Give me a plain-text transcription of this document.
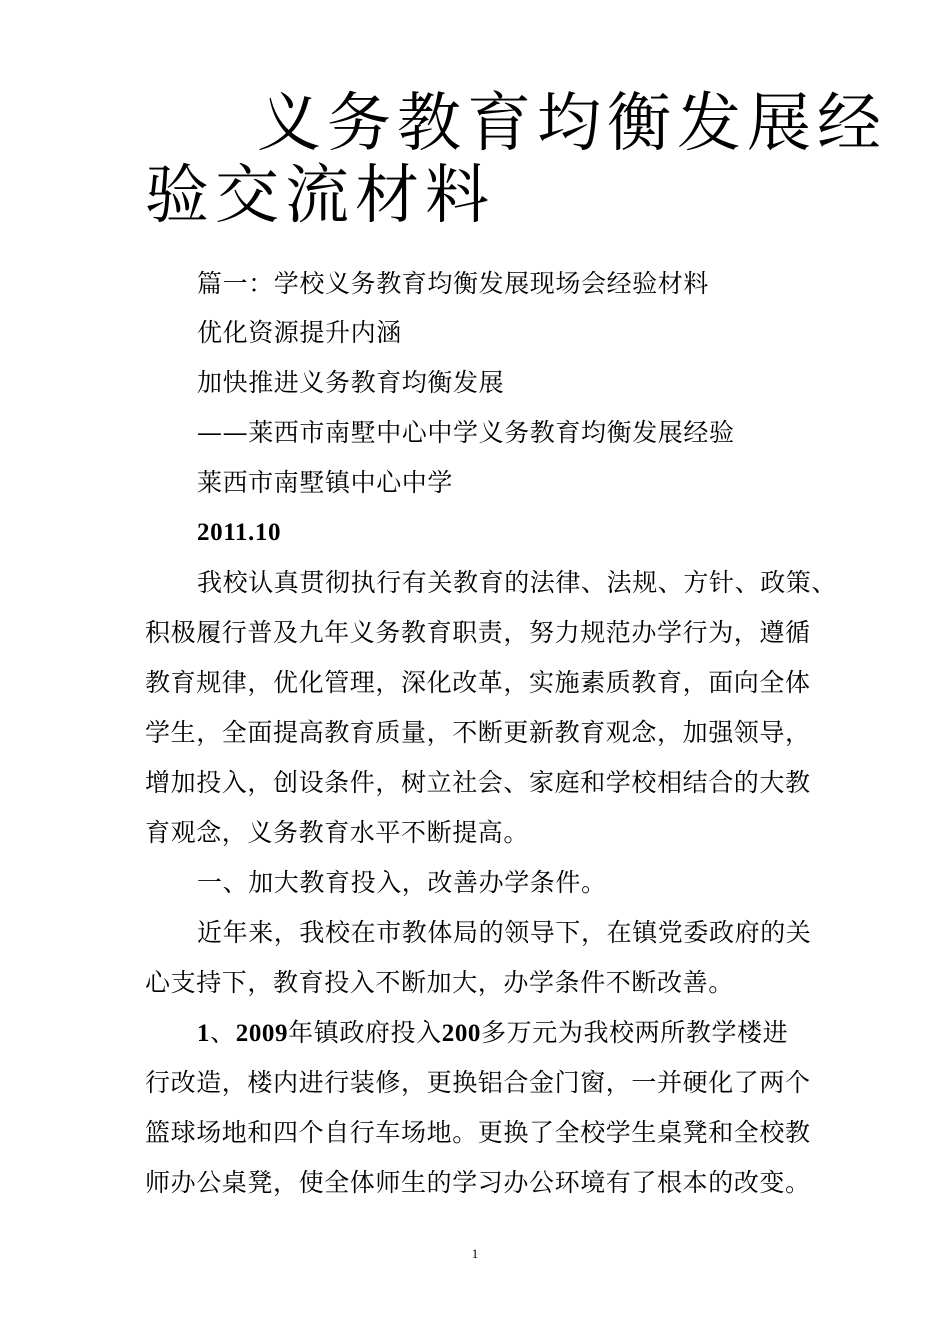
义务教育均衡发展经
验交流材料

篇一：学校义务教育均衡发展现场会经验材料

优化资源提升内涵

加快推进义务教育均衡发展

——莱西市南墅中心中学义务教育均衡发展经验

莱西市南墅镇中心中学

2011.10

我校认真贯彻执行有关教育的法律、法规、方针、政策、

积极履行普及九年义务教育职责，努力规范办学行为，遵循

教育规律，优化管理，深化改革，实施素质教育，面向全体

学生，全面提高教育质量，不断更新教育观念，加强领导，

增加投入，创设条件，树立社会、家庭和学校相结合的大教

育观念，义务教育水平不断提高。

一、加大教育投入，改善办学条件。

近年来，我校在市教体局的领导下，在镇党委政府的关

心支持下，教育投入不断加大，办学条件不断改善。

1、2009年镇政府投入200多万元为我校两所教学楼进

行改造，楼内进行装修，更换铝合金门窗，一并硬化了两个

篮球场地和四个自行车场地。更换了全校学生桌凳和全校教

师办公桌凳，使全体师生的学习办公环境有了根本的改变。

1
